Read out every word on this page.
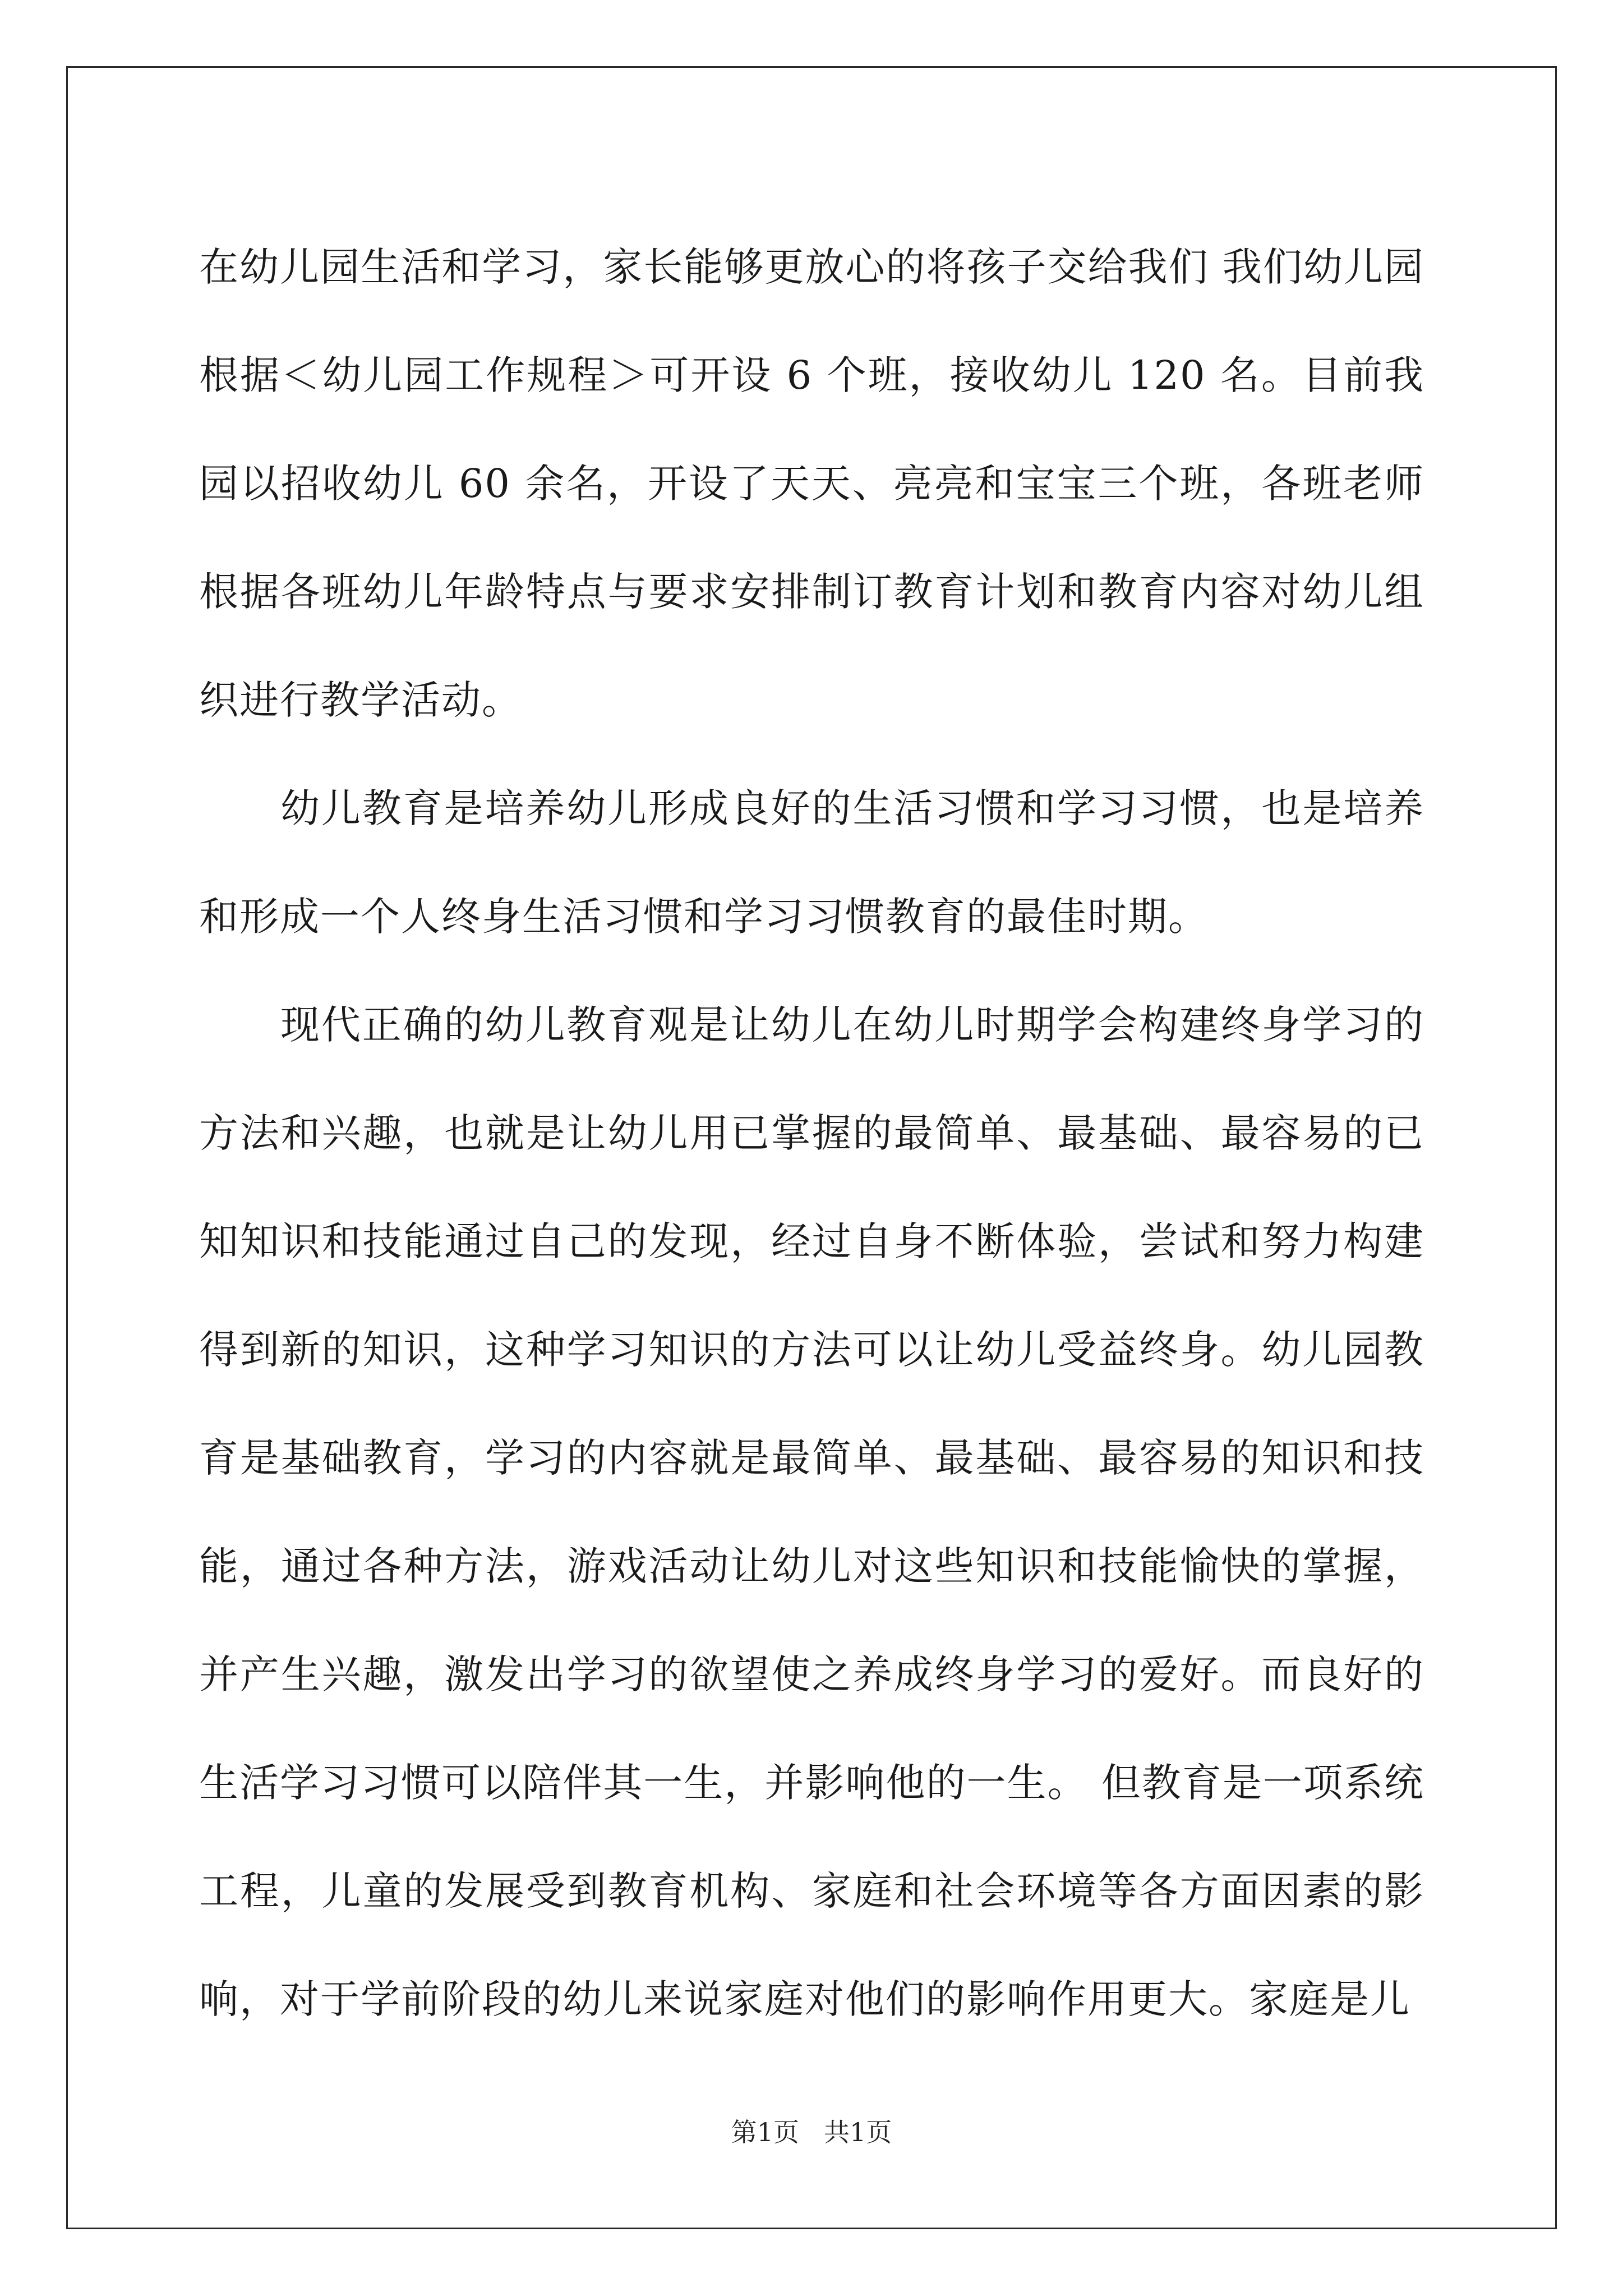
在幼儿园生活和学习，家长能够更放心的将孩子交给我们 我们幼儿园根据＜幼儿园工作规程＞可开设 6 个班，接收幼儿 120 名。目前我园以招收幼儿 60 余名，开设了天天、亮亮和宝宝三个班，各班老师根据各班幼儿年龄特点与要求安排制订教育计划和教育内容对幼儿组织进行教学活动。

幼儿教育是培养幼儿形成良好的生活习惯和学习习惯，也是培养和形成一个人终身生活习惯和学习习惯教育的最佳时期。

现代正确的幼儿教育观是让幼儿在幼儿时期学会构建终身学习的方法和兴趣，也就是让幼儿用已掌握的最简单、最基础、最容易的已知知识和技能通过自己的发现，经过自身不断体验，尝试和努力构建得到新的知识，这种学习知识的方法可以让幼儿受益终身。幼儿园教育是基础教育，学习的内容就是最简单、最基础、最容易的知识和技能，通过各种方法，游戏活动让幼儿对这些知识和技能愉快的掌握，并产生兴趣，激发出学习的欲望使之养成终身学习的爱好。而良好的生活学习习惯可以陪伴其一生，并影响他的一生。 但教育是一项系统工程，儿童的发展受到教育机构、家庭和社会环境等各方面因素的影响，对于学前阶段的幼儿来说家庭对他们的影响作用更大。家庭是儿

第1页 共1页
